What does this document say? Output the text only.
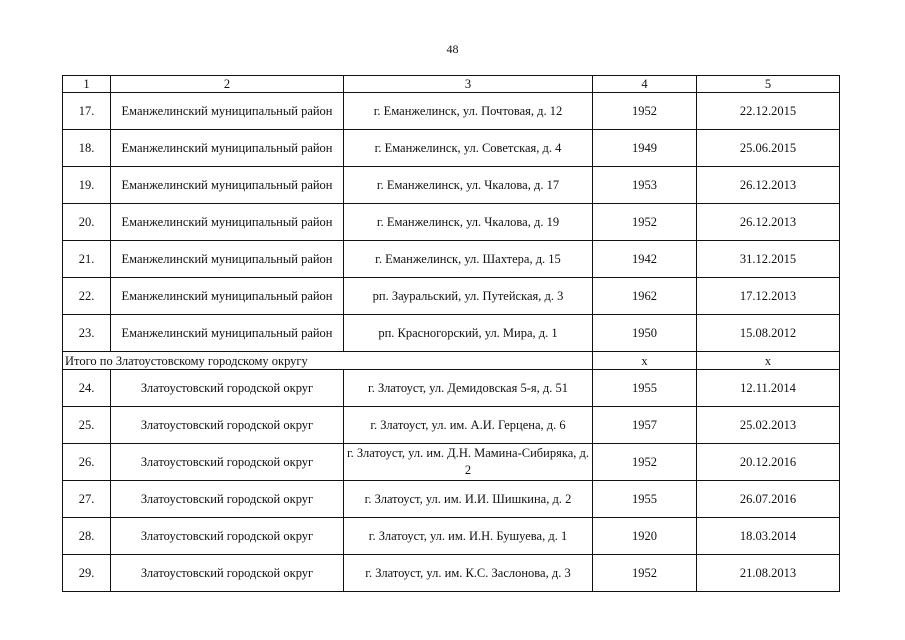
48
1	2	3	4	5
17.	Еманжелинский муниципальный район	г. Еманжелинск, ул. Почтовая, д. 12	1952	22.12.2015
18.	Еманжелинский муниципальный район	г. Еманжелинск, ул. Советская, д. 4	1949	25.06.2015
19.	Еманжелинский муниципальный район	г. Еманжелинск, ул. Чкалова, д. 17	1953	26.12.2013
20.	Еманжелинский муниципальный район	г. Еманжелинск, ул. Чкалова, д. 19	1952	26.12.2013
21.	Еманжелинский муниципальный район	г. Еманжелинск, ул. Шахтера, д. 15	1942	31.12.2015
22.	Еманжелинский муниципальный район	рп. Зауральский, ул. Путейская, д. 3	1962	17.12.2013
23.	Еманжелинский муниципальный район	рп. Красногорский, ул. Мира, д. 1	1950	15.08.2012
Итого по Златоустовскому городскому округу			х	х
24.	Златоустовский городской округ	г. Златоуст, ул. Демидовская 5-я, д. 51	1955	12.11.2014
25.	Златоустовский городской округ	г. Златоуст, ул. им. А.И. Герцена, д. 6	1957	25.02.2013
26.	Златоустовский городской округ	г. Златоуст, ул. им. Д.Н. Мамина-Сибиряка, д. 2	1952	20.12.2016
27.	Златоустовский городской округ	г. Златоуст, ул. им. И.И. Шишкина, д. 2	1955	26.07.2016
28.	Златоустовский городской округ	г. Златоуст, ул. им. И.Н. Бушуева, д. 1	1920	18.03.2014
29.	Златоустовский городской округ	г. Златоуст, ул. им. К.С. Заслонова, д. 3	1952	21.08.2013
